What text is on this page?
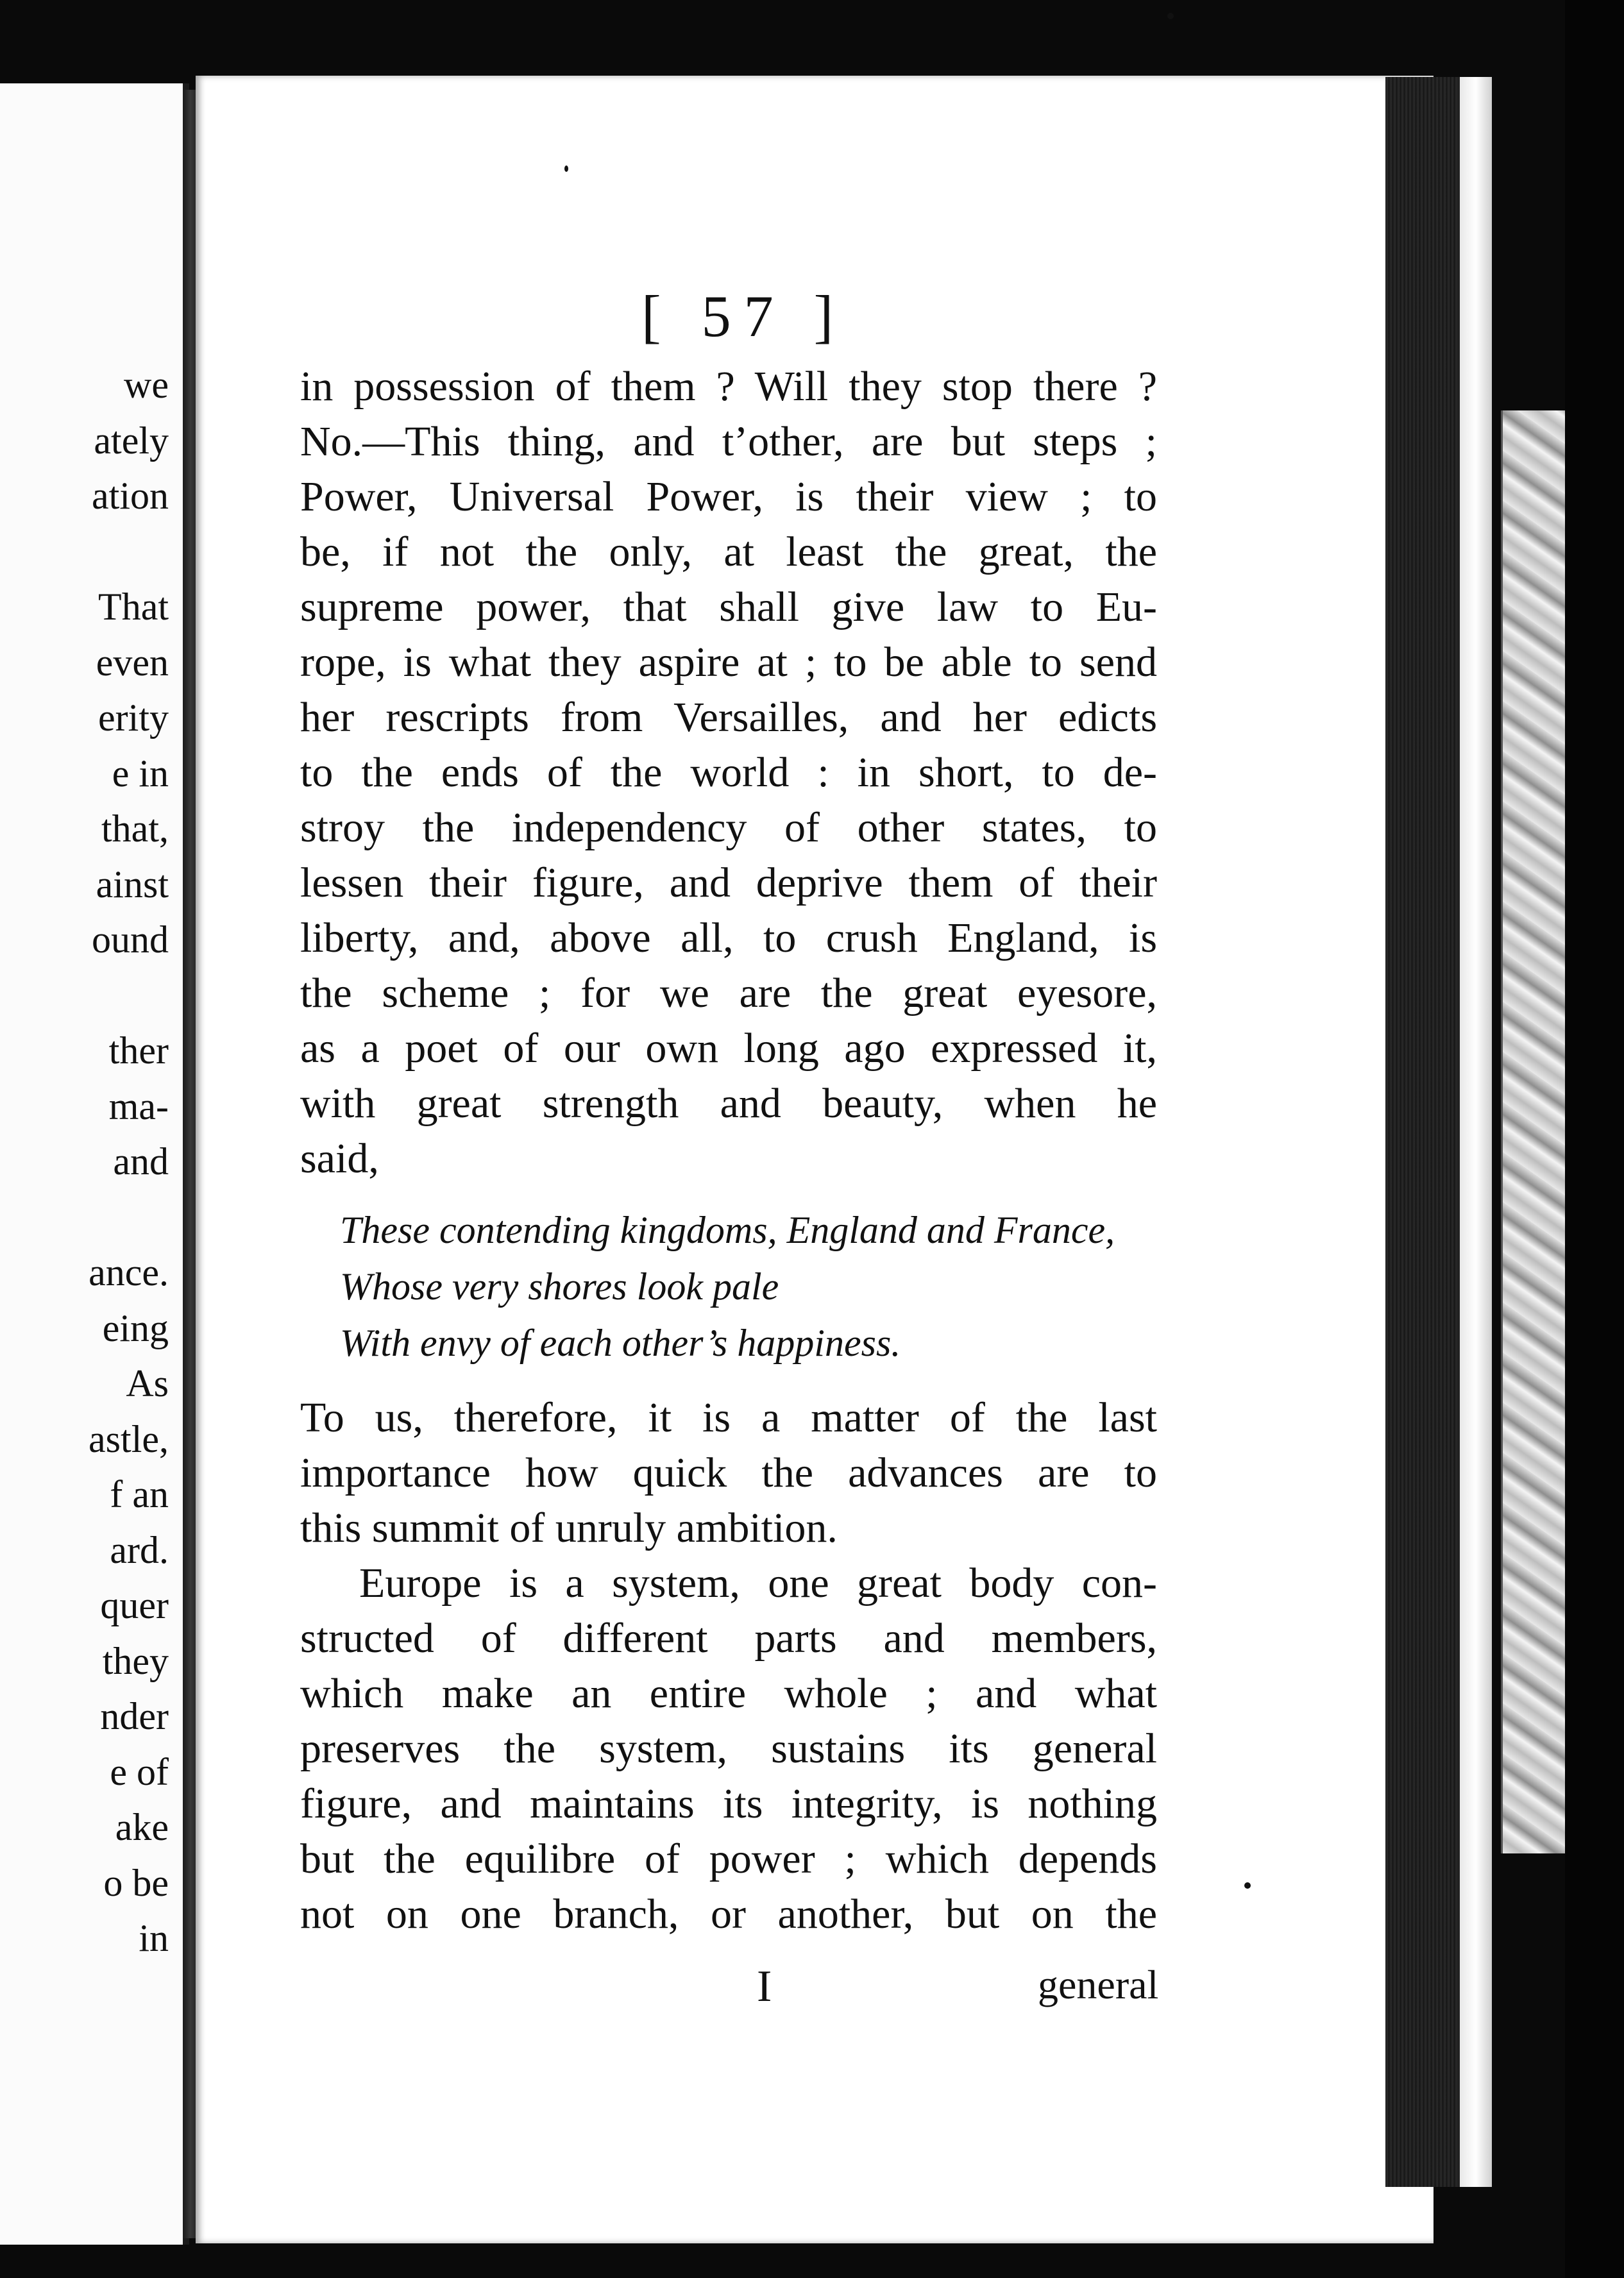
we
ately
ation
That
even
erity
e in
that,
ainst
ound
ther
ma-
and
ance.
eing
As
astle,
f an
ard.
quer
they
nder
e of
ake
o be
in
[ 57 ]
in possession of them ? Will they stop there ?
No.—This thing, and t’other, are but steps ;
Power, Universal Power, is their view ; to
be, if not the only, at least the great, the
supreme power, that shall give law to Eu-
rope, is what they aspire at ; to be able to send
her rescripts from Versailles, and her edicts
to the ends of the world : in short, to de-
stroy the independency of other states, to
lessen their figure, and deprive them of their
liberty, and, above all, to crush England, is
the scheme ; for we are the great eyesore,
as a poet of our own long ago expressed it,
with great strength and beauty, when he
said,
These contending kingdoms, England and France,
Whose very shores look pale
With envy of each other’s happiness.
To us, therefore, it is a matter of the last
importance how quick the advances are to
this summit of unruly ambition.
Europe is a system, one great body con-
structed of different parts and members,
which make an entire whole ; and what
preserves the system, sustains its general
figure, and maintains its integrity, is nothing
but the equilibre of power ; which depends
not on one branch, or another, but on the
I	general
